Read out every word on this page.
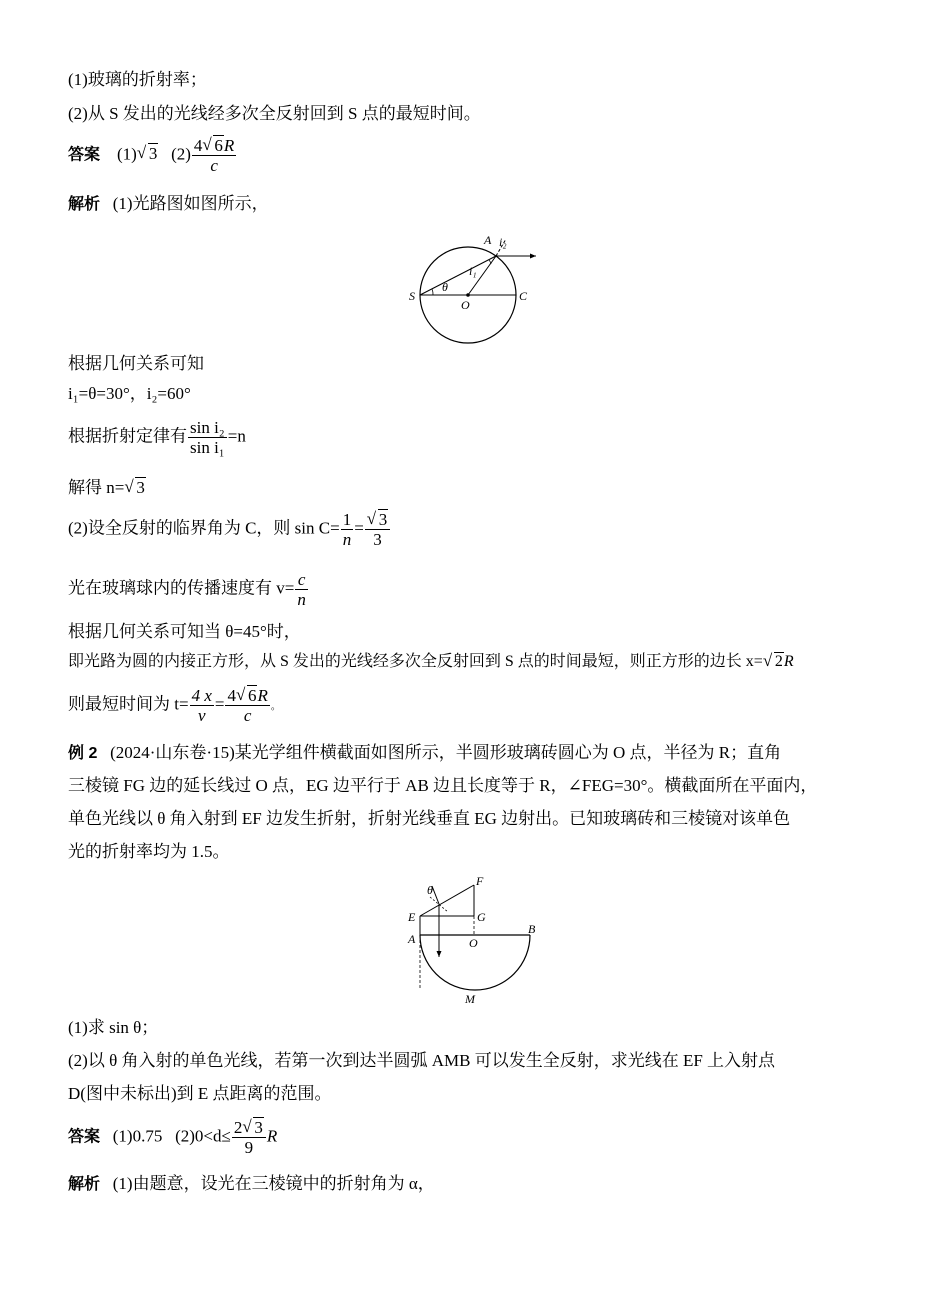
(1)玻璃的折射率；
(2)从 S 发出的光线经多次全反射回到 S 点的最短时间。
答案 (1) √ 3 $(2) \frac{4 √ 6R}{c}$
解析 (1)光路图如图所示，
A i₂
i₁
θ
S
O
C
根据几何关系可知
i₁=θ=30°，i₂=60°
根据折射定律有 $\frac{\text{sin i₂}}{\text{sin i₁}} =n$
解得 n= √ 3
(2)设全反射的临界角为 C，则 $\sin C= \frac{1}{n}$ = √ $\frac{3}{3}$
光在玻璃球内的传播速度有 $v= \frac{c}{n}$
根据几何关系可知当 θ=45°时，
即光路为圆的内接正方形，从 S 发出的光线经多次全反射回到 S 点的时间最短，则正方形的边长 x= √ 2R
则最短时间为 $t= \frac{4 x}{v} = \frac{4 √ 6R}{c}$ 。
例 2 (2024·山东卷·15)某光学组件横截面如图所示，半圆形玻璃砖圆心为 O 点，半径为 R；直角
三棱镜 FG 边的延长线过 O 点，EG 边平行于 AB 边且长度等于 R，∠FEG=30°。横截面所在平面内，
单色光线以 θ 角入射到 EF 边发生折射，折射光线垂直 EG 边射出。已知玻璃砖和三棱镜对该单色
光的折射率均为 1.5。
θ
F
E	G
A	O
B
M
(1)求 sin θ；
(2)以 θ 角入射的单色光线，若第一次到达半圆弧 AMB 可以发生全反射，求光线在 EF 上入射点
D(图中未标出)到 E 点距离的范围。
答案 (1)0.75 $(2)0<d\le \frac{2 √ 3}{9}$ R
解析 (1)由题意，设光在三棱镜中的折射角为 α，
